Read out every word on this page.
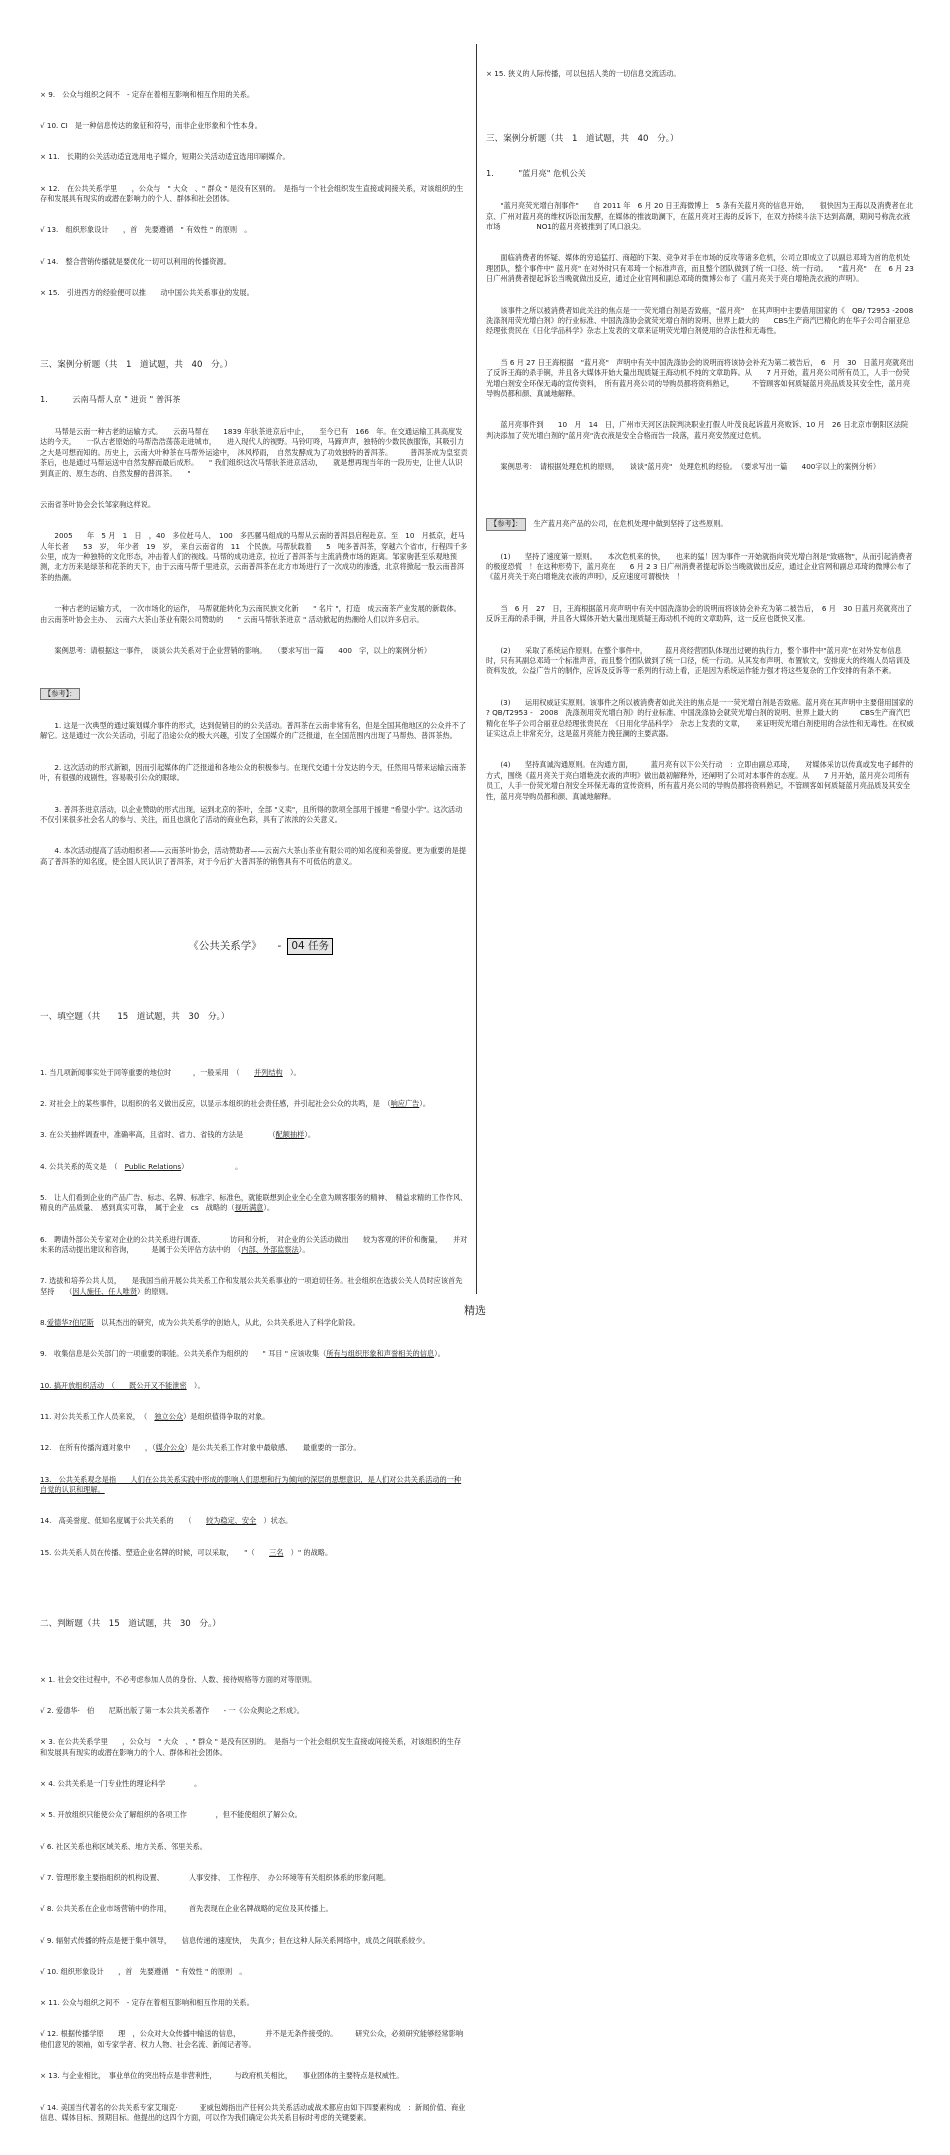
× 9.　公众与组织之间不　- 定存在着相互影响和相互作用的关系。

√ 10. CI　是一种信息传达的象征和符号，而非企业形象和个性本身。

× 11.　长期的公关活动适宜选用电子媒介，短期公关活动适宜选用印刷媒介。

× 12.　在公共关系学里　　，公众与　" 大众　、" 群众 " 是没有区别的。　是指与一个社会组织发生直接或间接关系，对该组织的生存和发展具有现实的或潜在影响力的个人、群体和社会团体。

√ 13.　组织形象设计　　，首　先要遵循　" 有效性 " 的原则　。

√ 14.　整合营销传播就是要优化一切可以利用的传播资源。

× 15.　引进西方的经验便可以推　　动中国公共关系事业的发展。

三、案例分析题（共　1　道试题，共　40　分。）

1.　　　云南马帮人京 " 进贡 " 普洱茶

　　马帮是云南一种古老的运输方式。　　云南马帮在　　1839 年驮茶进京后中止，　　至今已有　166　年。在交通运输工具高度发达的今天，　　一队古老原始的马帮浩浩荡荡走进城市，　　进入现代人的视野。马铃叮咚，马蹄声声，独特的少数民族服饰，其吸引力之大是可想而知的。历史上，云南大叶种茶在马帮外运途中，　沐风栉雨，　自然发酵成为了功效独特的普洱茶。　　　普洱茶成为皇室贡茶后，也是通过马帮运送中自然发酵而最后成形。　　" 我们组织这次马帮驮茶进京活动，　　就是想再现当年的一段历史，让世人认识到真正的、原生态的、自然发酵的普洱茶。　　"

云南省茶叶协会会长邹家驹这样说。

　　2005　　年　5 月　1　日　，40　多位赶马人、　100　多匹骡马组成的马帮从云南的普洱县启程赴京。至　10　月抵京，赶马人年长者　　53　岁，　年少者　19　岁，　来自云南省的　11　个民族。马帮驮载着　　5　吨多普洱茶，穿越六个省市，行程四千多公里，成为一种独特的文化形态，冲击着人们的视线。马帮的成功进京，拉近了普洱茶与主流消费市场的距离。邹家驹甚至乐观地预测，北方历来是绿茶和花茶的天下，由于云南马帮千里进京，云南普洱茶在北方市场进行了一次成功的渗透，北京将掀起一股云南普洱茶的热潮。

　　一种古老的运输方式，　一次市场化的运作，　马帮就能转化为云南民族文化新　　" 名片 "，打造　成云南茶产业发展的新载体。　　由云南茶叶协会主办、　云南六大茶山茶业有限公司赞助的　　" 云南马帮驮茶进京 " 活动掀起的热潮给人们以许多启示。

　　案例思考：请根据这一事件，　谈谈公共关系对于企业营销的影响。　　（要求写出一篇　　400　字，以上的案例分析）

【参考】：

　　1. 这是一次典型的通过策划媒介事件的形式，达到促销目的的公关活动。普洱茶在云南非常有名，但是全国其他地区的公众并不了解它。这是通过一次公关活动，引起了沿途公众的极大兴趣，引发了全国媒介的广泛报道，在全国范围内出现了马帮热、普洱茶热。

　　2. 这次活动的形式新颖，因而引起媒体的广泛报道和各地公众的积极参与。在现代交通十分发达的今天，任然用马帮来运输云南茶叶，有很强的戏剧性，容易吸引公众的眼球。

　　3. 普洱茶进京活动，以企业赞助的形式出现，运到北京的茶叶，全部 "义卖"，且所得的款项全部用于援建 "希望小学"。这次活动不仅引来很多社会名人的参与、关注，而且也演化了活动的商业色彩，具有了浓浓的公关意义。

　　4. 本次活动提高了活动组织者——云南茶叶协会，活动赞助者——云南六大茶山茶业有限公司的知名度和美誉度。更为重要的是提高了普洱茶的知名度，使全国人民认识了普洱茶，对于今后扩大普洱茶的销售具有不可低估的意义。

《公共关系学》　　- 04 任务

一、填空题（共　　15　道试题，共　30　分。）

1. 当几项新闻事实处于同等重要的地位时　　　，一般采用　（　　并列结构　）。

2. 对社会上的某些事件，以组织的名义做出反应，以显示本组织的社会责任感，并引起社会公众的共鸣，是　（响应广告）。

3. 在公关抽样调查中，准确率高，且省时、省力、省钱的方法是　　　　（配额抽样）。

4. 公共关系的英文是　（　Public Relations）　　　　　　　。

5.　让人们看到企业的产品广告、标志、名牌、标准字、标准色，就能联想到企业全心全意为顾客服务的精神、　精益求精的工作作风、　精良的产品质量、　感到真实可靠，　属于企业　cs　战略的（视听满意）。

6.　聘请外部公关专家对企业的公共关系进行调查、　　　　访问和分析，　对企业的公关活动做出　　较为客观的评价和衡量，　　并对未来的活动提出建议和咨询，　　　是属于公关评估方法中的　（内部、外部监察法）。

7. 选拔和培养公共人员，　　是我国当前开展公共关系工作和发展公共关系事业的一项迫切任务。社会组织在选拔公关人员时应该首先坚持　　（因人施任、任人唯贤）的原则。

8.爱德华?伯尼斯　以其杰出的研究，成为公共关系学的创始人，从此，公共关系进入了科学化阶段。

9.　收集信息是公关部门的一项重要的职能。公共关系作为组织的　　" 耳目 " 应该收集（所有与组织形象和声誉相关的信息）。

10. 搞开放组织活动　（　　既公开又不能泄密　）。

11. 对公共关系工作人员来说，　（　独立公众）是组织值得争取的对象。

12.　在所有传播沟通对象中　　，（媒介公众）是公共关系工作对象中最敏感、　　最重要的一部分。

13.　公共关系观念是指　　人们在公共关系实践中形成的影响人们思想和行为倾向的深层的思想意识，是人们对公共关系活动的一种自觉的认识和理解。

14.　高美誉度、低知名度属于公共关系的　　（　　较为稳定、安全　）状态。

15. 公共关系人员在传播、塑造企业名牌的时候，可以采取，　　"（　　三名　）" 的战略。

二、判断题（共　15　道试题，共　30　分。）

× 1. 社会交往过程中，不必考虑参加人员的身份、人数、接待规格等方面的对等原则。

√ 2. 爱德华·　伯　　尼斯出版了第一本公共关系著作　　- 一《公众舆论之形成》。

× 3. 在公共关系学里　　，公众与　" 大众　、" 群众 " 是没有区别的。　是指与一个社会组织发生直接或间接关系，对该组织的生存和发展具有现实的或潜在影响力的个人、群体和社会团体。

× 4. 公共关系是一门专业性的理论科学　　　　。

× 5. 开放组织只能使公众了解组织的各项工作　　　　，但不能使组织了解公众。

√ 6. 社区关系也称区域关系、地方关系、邻里关系。

√ 7. 管理形象主要指组织的机构设置、　　　　人事安排、　工作程序、　办公环境等有关组织体系的形象问题。

√ 8. 公共关系在企业市场营销中的作用，　　　首先表现在企业名牌战略的定位及其传播上。

√ 9. 辐射式传播的特点是便于集中领导，　　信息传递的速度快，　失真少；但在这种人际关系网络中，成员之间联系较少。

√ 10. 组织形象设计　　，首　先要遵循　" 有效性 " 的原则　。

× 11. 公众与组织之间不　- 定存在着相互影响和相互作用的关系。

√ 12. 根据传播学原　　理　，公众对大众传播中输送的信息，　　　　并不是无条件接受的。　　　研究公众，必须研究能够经常影响他们意见的领袖，如专家学者、权力人物、社会名流、新闻记者等。

× 13. 与企业相比，　事业单位的突出特点是非营利性，　　　与政府机关相比，　　事业团体的主要特点是权威性。

√ 14. 美国当代著名的公共关系专家艾瑞克·　　　亚威包姆指出产任何公共关系活动或战术都应由如下四要素构成　：新闻价值、商业信息、媒体目标、预期目标。他提出的这四个方面，可以作为我们确定公共关系目标时考虑的关键要素。

× 15. 狭义的人际传播，可以包括人类的一切信息交流活动。

三、案例分析题（共　1　道试题，共　40　分。）

1.　　　"蓝月亮" 危机公关

　　"蓝月亮荧光增白剂事件"　　自 2011 年　6 月 20 日王海微博上　5 条有关蓝月亮的信息开始，　　很快因为王海以及消费者在北京、广州对蓝月亮的维权诉讼而发酵，在媒体的推波助澜下，在蓝月亮对王海的反诉下，在双方持续斗法下达到高潮，期间号称洗衣液市场　　　　　NO1的蓝月亮被推到了风口浪尖。

　　面临消费者的怀疑、媒体的穷追猛打、商超的下架、竞争对手在市场的反攻等诸多危机，公司立即成立了以副总邓琦为首的危机处理团队，整个事件中" 蓝月亮" 在对外时只有邓琦一个标准声音，而且整个团队做到了统一口径、统一行动。　　"蓝月亮"　在　6 月 23 日广州消费者提起诉讼当晚就做出反应，通过企业官网和副总邓琦的微博公布了《蓝月亮关于亮白增艳洗衣液的声明》。

　　该事件之所以被消费者如此关注的焦点是一一荧光增白剂是否致癌，"蓝月亮"　在其声明中主要借用国家的《　QB/ T2953 -2008　洗涤剂用荧光增白剂》的行业标准、中国洗涤协会就荧光增白剂的说明、世界上最大的　　CBS生产商汽巴精化的在华子公司合丽亚总经理张贵民在《日化学品科学》杂志上发表的文章来证明荧光增白剂使用的合法性和无毒性。

　　当 6 月 27 日王海根据　"蓝月亮"　声明中有关中国洗涤协会的说明而将该协会补充为第二被告后，　6　月　30　日蓝月亮就亮出了反诉王海的杀手锏，并且各大媒体开始大量出现质疑王海动机不纯的文章助阵。从　　7 月开始，蓝月亮公司所有员工，人手一份荧光增白剂安全环保无毒的宣传资料，　所有蓝月亮公司的导购员都将资料熟记，　　　不管顾客如何质疑蓝月亮品质及其安全性，蓝月亮导购员都和颜、真诚地解释。

　　蓝月亮事件到　　10　月　14　日，广州市天河区法院判决职业打假人叶茂良起诉蓝月亮败诉、10 月　26 日北京市朝阳区法院判决添加了荧光增白剂的"蓝月亮"洗衣液是安全合格而告一段落，蓝月亮安然度过危机。

　　案例思考：　请根据处理危机的原则，　　谈谈"蓝月亮"　处理危机的经验。　（要求写出一篇　　400字以上的案例分析）

【参考】：　生产蓝月亮产品的公司，在危机处理中做到坚持了这些原则。

　　(1)　　坚持了速度第一原则。　　本次危机来的快，　　也来的猛！因为事件一开始就指向荧光增白剂是"致癌物"，从而引起消费者的极度恐慌　！在这种形势下，蓝月亮在　　6 月 2 3 日广州消费者提起诉讼当晚就做出反应，通过企业官网和副总邓琦的微博公布了《蓝月亮关于亮白增艳洗衣液的声明》，反应速度可谓极快　！

　　当　6 月　27　日，王海根据蓝月亮声明中有关中国洗涤协会的说明而将该协会补充为第二被告后，　6 月　30 日蓝月亮就亮出了反诉王海的杀手锏，并且各大媒体开始大量出现质疑王海动机不纯的文章助阵，这一反应也既快又准。

　　(2)　　采取了系统运作原则。在整个事件中，　　　蓝月亮经营团队体现出过硬的执行力，整个事件中"蓝月亮"在对外发布信息时，只有其副总邓琦一个标准声音，而且整个团队做到了统一口径，统一行动。从其发布声明、布置软文，安排庞大的终端人员培训及资料发放，公益广告片的制作，应诉及反诉等一系列的行动上看，正是因为系统运作能力强才将这些复杂的工作安排的有条不紊。

　　(3)　　运用权威证实原则。该事件之所以被消费者如此关注的焦点是一一荧光增白剂是否致癌。蓝月亮在其声明中主要借用国家的　　　? QB/T2953 -　2008　洗涤剂用荧光增白剂》的行业标准、中国洗涤协会就荧光增白剂的说明、世界上最大的　　　CBS生产商汽巴精化在华子公司合丽亚总经理张贵民在　《日用化学品科学》　杂志上发表的文章，　　来证明荧光增白剂使用的合法性和无毒性。在权威证实这点上非常充分，这是蓝月亮能力挽狂澜的主要武器。

　　(4)　　坚持真诚沟通原则。在沟通方面，　　　蓝月亮有以下公关行动　：立即由副总邓琦，　　对媒体采访以传真或发电子邮件的方式，围绕《蓝月亮关于亮白增艳洗衣液的声明》做出最初解释外，还阐明了公司对本事件的态度。从　　7 月开始，蓝月亮公司所有员工，人手一份荧光增白剂安全环保无毒的宣传资料，所有蓝月亮公司的导购员都将资料熟记，不管顾客如何质疑蓝月亮品质及其安全性，蓝月亮导购员都和颜、真诚地解释。

精选
